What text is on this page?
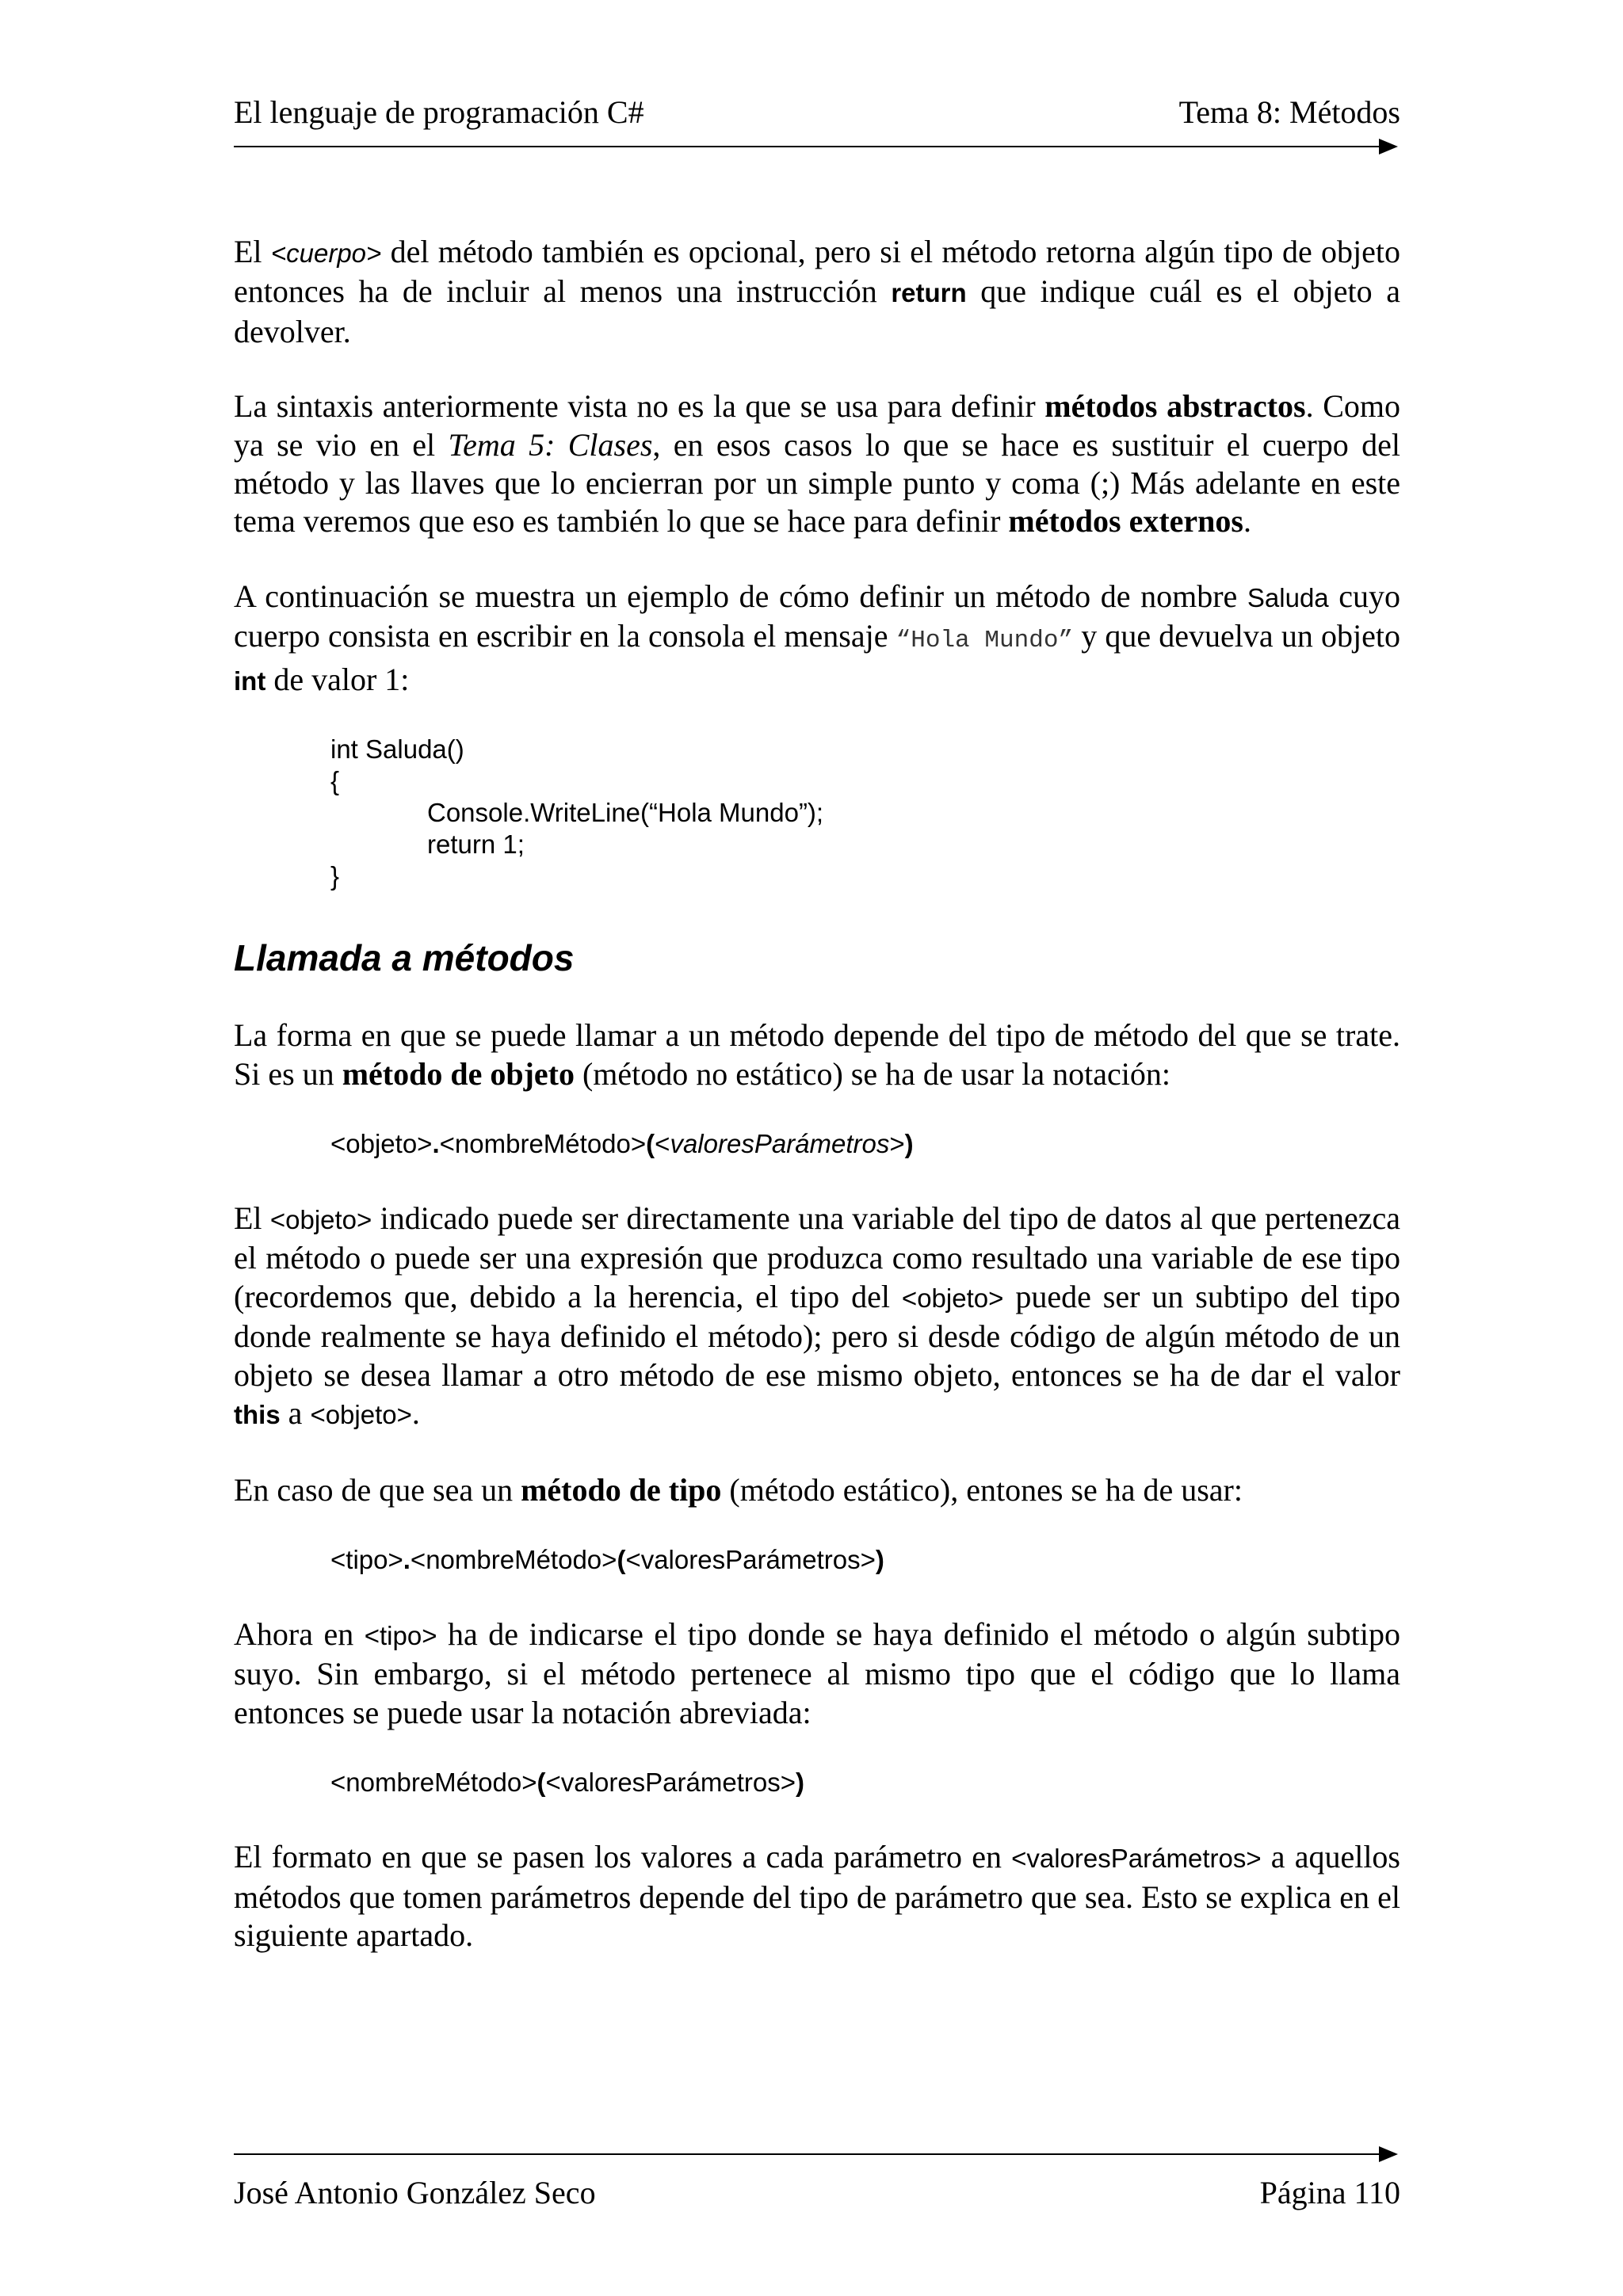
El lenguaje de programación C#	Tema 8: Métodos

El <cuerpo> del método también es opcional, pero si el método retorna algún tipo de objeto entonces ha de incluir al menos una instrucción return que indique cuál es el objeto a devolver.

La sintaxis anteriormente vista no es la que se usa para definir métodos abstractos. Como ya se vio en el Tema 5: Clases, en esos casos lo que se hace es sustituir el cuerpo del método y las llaves que lo encierran por un simple punto y coma (;) Más adelante en este tema veremos que eso es también lo que se hace para definir métodos externos.

A continuación se muestra un ejemplo de cómo definir un método de nombre Saluda cuyo cuerpo consista en escribir en la consola el mensaje “Hola Mundo” y que devuelva un objeto int de valor 1:

int Saluda()
{
Console.WriteLine(“Hola Mundo”);
return 1;
}
Llamada a métodos

La forma en que se puede llamar a un método depende del tipo de método del que se trate. Si es un método de objeto (método no estático) se ha de usar la notación:

<objeto>.<nombreMétodo>(<valoresParámetros>)

El <objeto> indicado puede ser directamente una variable del tipo de datos al que pertenezca el método o puede ser una expresión que produzca como resultado una variable de ese tipo (recordemos que, debido a la herencia, el tipo del <objeto> puede ser un subtipo del tipo donde realmente se haya definido el método); pero si desde código de algún método de un objeto se desea llamar a otro método de ese mismo objeto, entonces se ha de dar el valor this a <objeto>.

En caso de que sea un método de tipo (método estático), entones se ha de usar:

<tipo>.<nombreMétodo>(<valoresParámetros>)

Ahora en <tipo> ha de indicarse el tipo donde se haya definido el método o algún subtipo suyo. Sin embargo, si el método pertenece al mismo tipo que el código que lo llama entonces se puede usar la notación abreviada:

<nombreMétodo>(<valoresParámetros>)

El formato en que se pasen los valores a cada parámetro en <valoresParámetros> a aquellos métodos que tomen parámetros depende del tipo de parámetro que sea. Esto se explica en el siguiente apartado.

José Antonio González Seco	Página 110
